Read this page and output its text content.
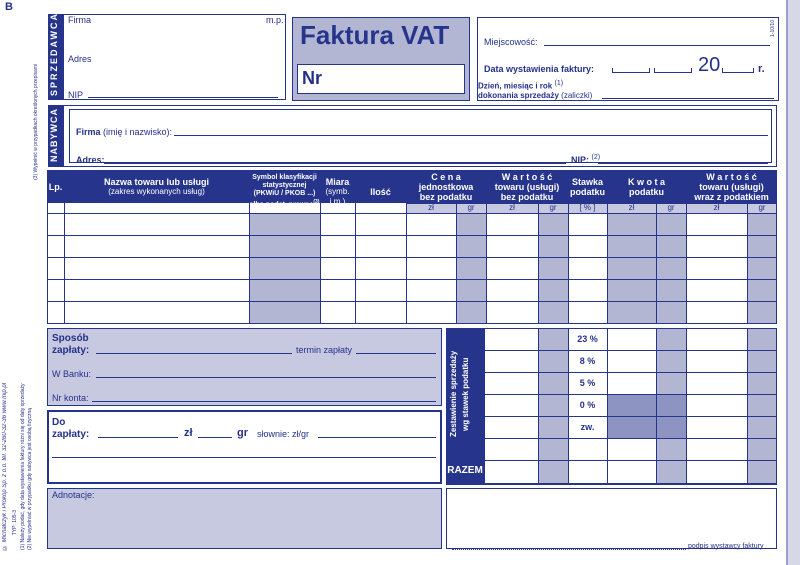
B
© Michalczyk i Prokop Sp. z o.o. tel. 32-260-32-36 www.mip.pl TYP: 105-3 (1) Należy podać, gdy data wystawienia faktury różni się od daty sprzedaży (2) Nie wypełniać w przypadku gdy nabywca jest osobą fizyczną
(3) Wypełnić w przypadkach określonych przepisami
SPRZEDAWCA Firma	m.p.
Adres
NIP
Faktura VAT
Nr
Miejscowość:
Data wystawienia faktury:	20	r.
Dzień, miesiąc i rok $^{(1)}$
dokonania sprzedaży (zaliczki)
1-10/10
NABYWCA Firma (imię i nazwisko):
Adres:	NIP: $^{(2)}$
Lp.	Nazwa towaru lub usługi
(zakres wykonanych usług)
Symbol klasyfikacji
statystycznej
(PKWiU / PKOB ...)
albo podst. prawna$^{(3)}$
Miara
(symb. j.m.)
Ilość
C e n a
jednostkowa
bez podatku
W a r t o ś ć
towaru (usługi)
bez podatku
Stawka
podatku
K w o t a
podatku
W a r t o ś ć
towaru (usługi)
wraz z podatkiem
zł	gr	zł	gr	[ % ]	zł	gr	zł	gr
Sposób
zapłaty:	termin zapłaty
W Banku:
Nr konta:
Do
zapłaty:	zł	gr słownie: zł/gr	Zestawienie sprzedaży wg stawek podatku
RAZEM
23 %
8 %
5 %
0 %
zw.
Adnotacje:
podpis wystawcy faktury
